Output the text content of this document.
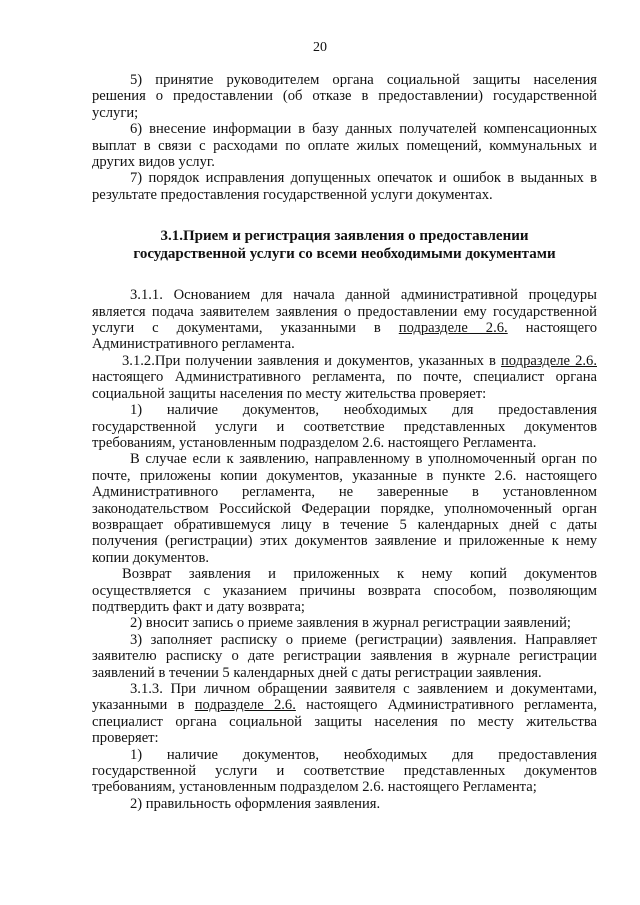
20

5) принятие руководителем органа социальной защиты населения решения о предоставлении (об отказе в предоставлении) государственной услуги;

6) внесение информации в базу данных получателей компенсационных выплат в связи с расходами по оплате жилых помещений, коммунальных и других видов услуг.

7) порядок исправления допущенных опечаток и ошибок в выданных в результате предоставления государственной услуги документах.

3.1.Прием и регистрация заявления о предоставлении
государственной услуги со всеми необходимыми документами

3.1.1. Основанием для начала данной административной процедуры является подача заявителем заявления о предоставлении ему государственной услуги с документами, указанными в подразделе 2.6. настоящего Административного регламента.

3.1.2.При получении заявления и документов, указанных в подразделе 2.6. настоящего Административного регламента, по почте, специалист органа социальной защиты населения по месту жительства проверяет:

1) наличие документов, необходимых для предоставления государственной услуги и соответствие представленных документов требованиям, установленным подразделом 2.6. настоящего Регламента.

В случае если к заявлению, направленному в уполномоченный орган по почте, приложены копии документов, указанные в пункте 2.6. настоящего Административного регламента, не заверенные в установленном законодательством Российской Федерации порядке, уполномоченный орган возвращает обратившемуся лицу в течение 5 календарных дней с даты получения (регистрации) этих документов заявление и приложенные к нему копии документов.

Возврат заявления и приложенных к нему копий документов осуществляется с указанием причины возврата способом, позволяющим подтвердить факт и дату возврата;

2) вносит запись о приеме заявления в журнал регистрации заявлений;

3) заполняет расписку о приеме (регистрации) заявления. Направляет заявителю расписку о дате регистрации заявления в журнале регистрации заявлений в течении 5 календарных дней с даты регистрации заявления.

3.1.3. При личном обращении заявителя с заявлением и документами, указанными в подразделе 2.6. настоящего Административного регламента, специалист органа социальной защиты населения по месту жительства проверяет:

1) наличие документов, необходимых для предоставления государственной услуги и соответствие представленных документов требованиям, установленным подразделом 2.6. настоящего Регламента;

2) правильность оформления заявления.
